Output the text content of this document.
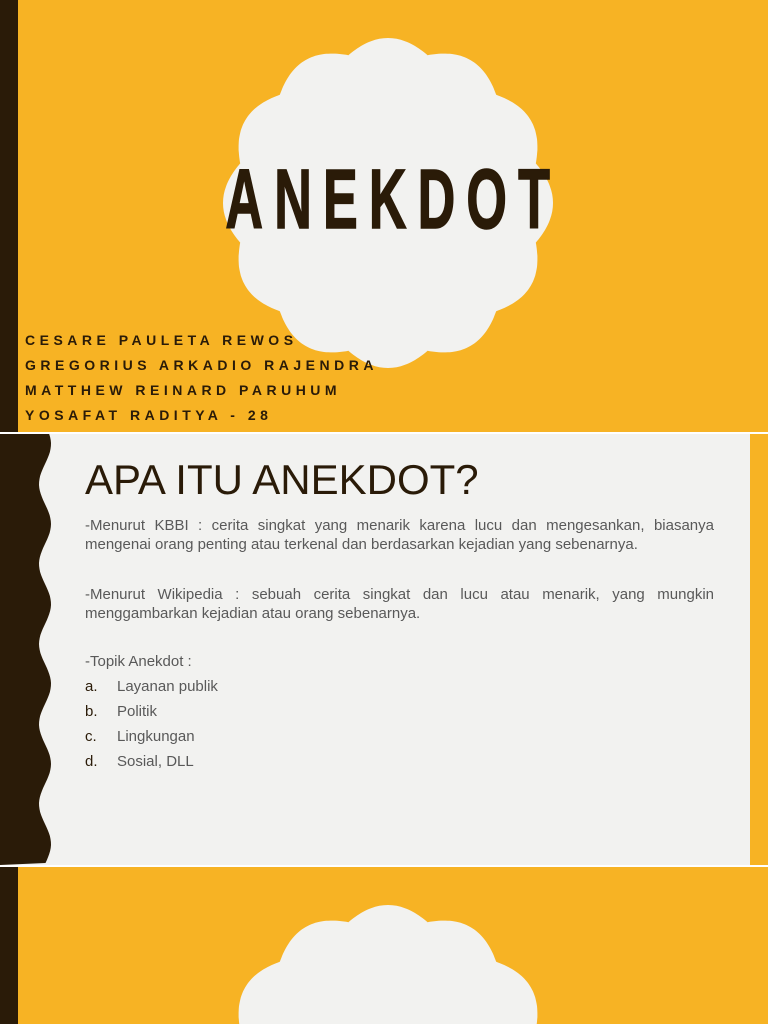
ANEKDOT
CESARE PAULETA REWOS
GREGORIUS ARKADIO RAJENDRA
MATTHEW REINARD PARUHUM
YOSAFAT RADITYA - 28
APA ITU ANEKDOT?
-Menurut KBBI : cerita singkat yang menarik karena lucu dan mengesankan, biasanya mengenai orang penting atau terkenal dan berdasarkan kejadian yang sebenarnya.
-Menurut Wikipedia : sebuah cerita singkat dan lucu atau menarik, yang mungkin menggambarkan kejadian atau orang sebenarnya.
-Topik Anekdot :
a. Layanan publik
b. Politik
c. Lingkungan
d. Sosial, DLL
